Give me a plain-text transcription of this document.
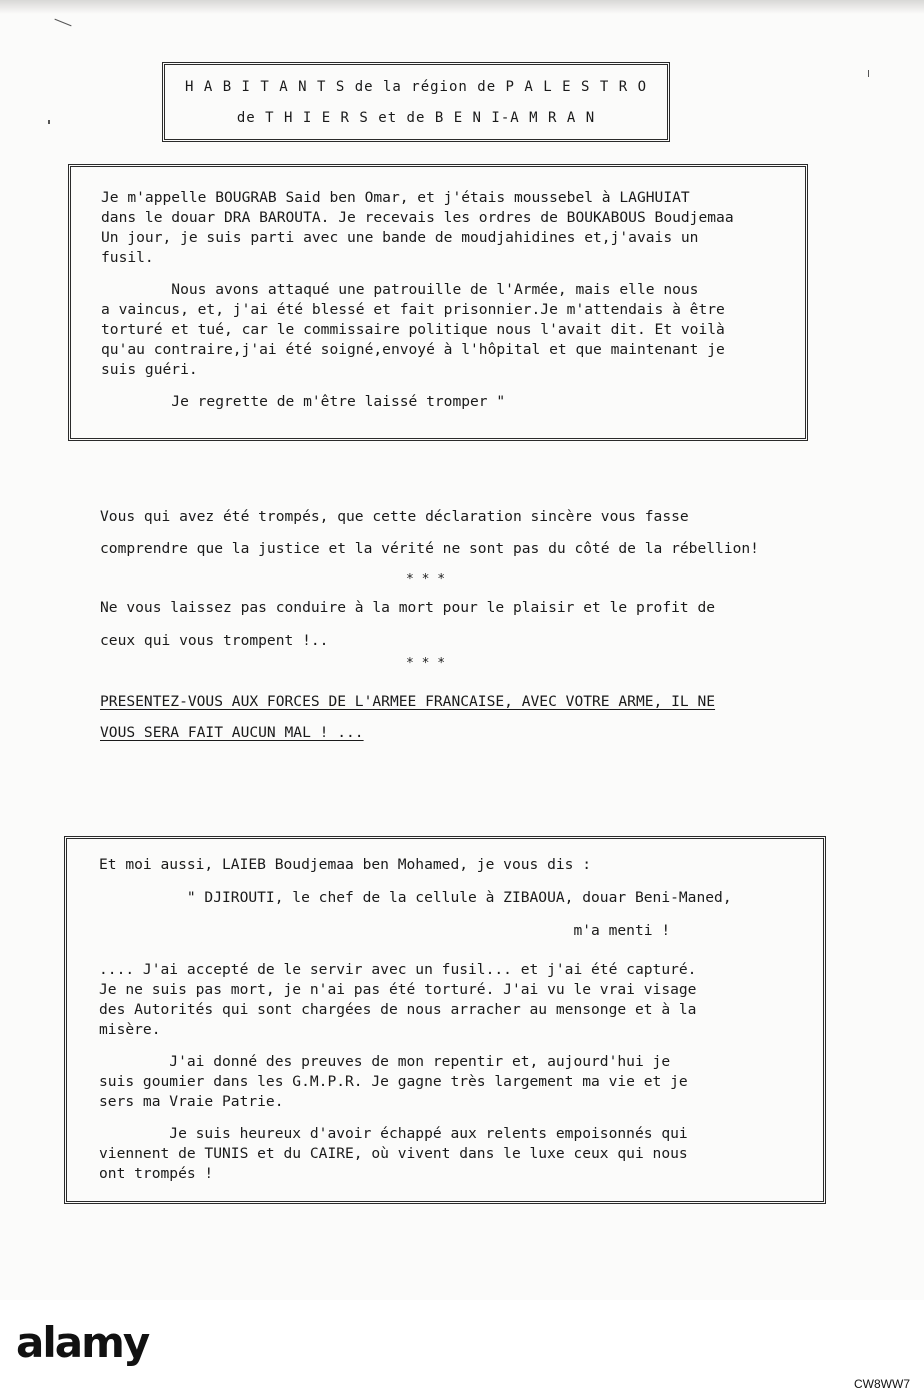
H A B I T A N T S de la région de P A L E S T R O
de T H I E R S et de B E N I-A M R A N
Je m'appelle BOUGRAB Said ben Omar, et j'étais moussebel à LAGHUIAT
dans le douar DRA BAROUTA. Je recevais les ordres de BOUKABOUS Boudjemaa
Un jour, je suis parti avec une bande de moudjahidines et,j'avais un
fusil.
Nous avons attaqué une patrouille de l'Armée, mais elle nous
a vaincus, et, j'ai été blessé et fait prisonnier.Je m'attendais à être
torturé et tué, car le commissaire politique nous l'avait dit. Et voilà
qu'au contraire,j'ai été soigné,envoyé à l'hôpital et que maintenant je
suis guéri.
Je regrette de m'être laissé tromper "
Vous qui avez été trompés, que cette déclaration sincère vous fasse
comprendre que la justice et la vérité ne sont pas du côté de la rébellion!
* * *
Ne vous laissez pas conduire à la mort pour le plaisir et le profit de
ceux qui vous trompent !..
* * *
PRESENTEZ-VOUS AUX FORCES DE L'ARMEE FRANCAISE, AVEC VOTRE ARME, IL NE
VOUS SERA FAIT AUCUN MAL ! ...
Et moi aussi, LAIEB Boudjemaa ben Mohamed, je vous dis :
" DJIROUTI, le chef de la cellule à ZIBAOUA, douar Beni-Maned,
m'a menti !
.... J'ai accepté de le servir avec un fusil... et j'ai été capturé.
Je ne suis pas mort, je n'ai pas été torturé. J'ai vu le vrai visage
des Autorités qui sont chargées de nous arracher au mensonge et à la
misère.
J'ai donné des preuves de mon repentir et, aujourd'hui je
suis goumier dans les G.M.P.R. Je gagne très largement ma vie et je
sers ma Vraie Patrie.
Je suis heureux d'avoir échappé aux relents empoisonnés qui
viennent de TUNIS et du CAIRE, où vivent dans le luxe ceux qui nous
ont trompés !
alamy
CW8WW7
